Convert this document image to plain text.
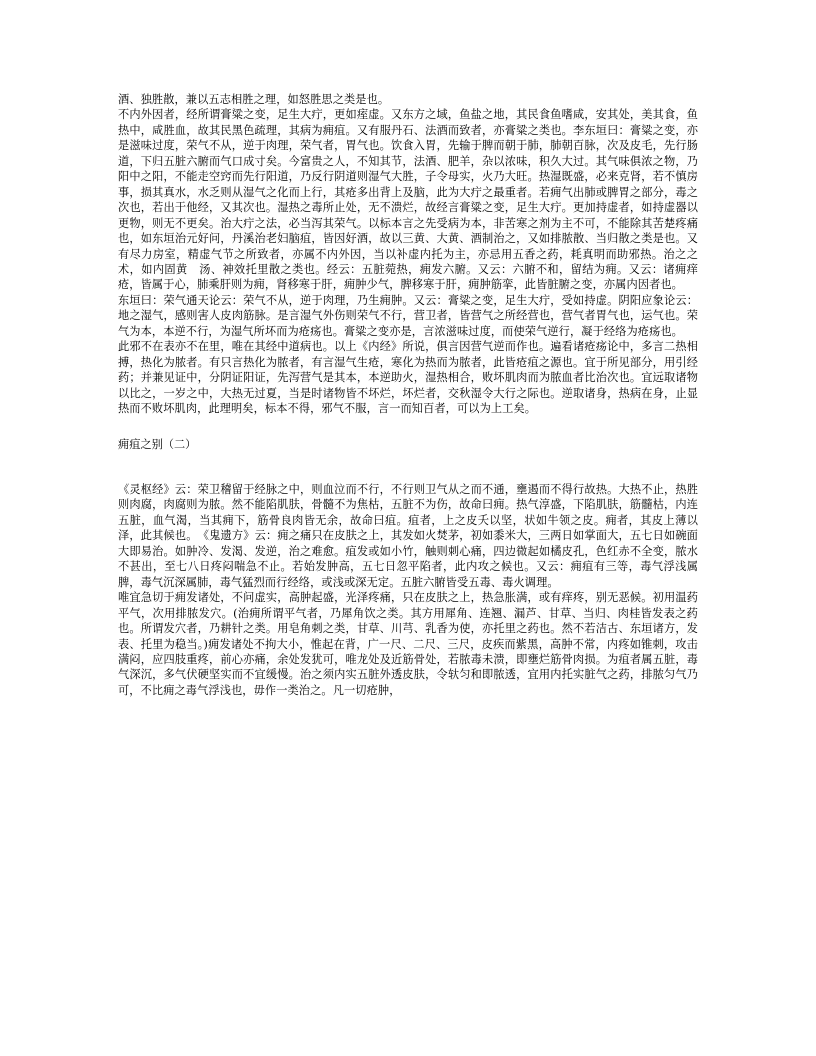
酒、独胜散，兼以五志相胜之理，如怒胜思之类是也。

不内外因者，经所谓膏粱之变，足生大疔，更如痓虚。又东方之域，鱼盐之地，其民食鱼嗜咸，安其处，美其食，鱼热中，咸胜血，故其民黑色疏理，其病为痈疽。又有服丹石、法酒而致者，亦膏粱之类也。李东垣曰：膏粱之变，亦是滋味过度，荣气不从，逆于肉理，荣气者，胃气也。饮食入胃，先输于脾而朝于肺，肺朝百脉，次及皮毛，先行肠道，下归五脏六腑而气口成寸矣。今富贵之人，不知其节，法酒、肥羊，杂以浓味，积久大过。其气味俱浓之物，乃阳中之阳，不能走空窍而先行阳道，乃反行阴道则湿气大胜，子令母实，火乃大旺。热湿既盛，必来克肾，若不慎房事，损其真水，水乏则从湿气之化而上行，其疮多出背上及脑，此为大疔之最重者。若痈气出肺或脾胃之部分，毒之次也，若出于他经，又其次也。湿热之毒所止处，无不溃烂，故经言膏粱之变，足生大疔。更加持虚者，如持虚器以更物，则无不更矣。治大疔之法，必当泻其荣气。以标本言之先受病为本，非苦寒之剂为主不可，不能除其苦楚疼痛也，如东垣治元好问，丹溪治老妇脑疽，皆因好酒，故以三黄、大黄、酒制治之，又如排脓散、当归散之类是也。又有尽力房室，精虚气节之所致者，亦属不内外因，当以补虚内托为主，亦忌用五香之药，耗真明而助邪热。治之之术，如内固黄　汤、神效托里散之类也。经云：五脏菀热，痈发六腑。又云：六腑不和，留结为痈。又云：诸痈痒疮，皆属于心，肺乘肝则为痈，肾移寒于肝，痈肿少气，脾移寒于肝，痈肿筋挛，此皆脏腑之变，亦属内因者也。

东垣曰：荣气通天论云：荣气不从，逆于肉理，乃生痈肿。又云：膏粱之变，足生大疔，受如持虚。阴阳应象论云：地之湿气，感则害人皮肉筋脉。是言湿气外伤则荣气不行，营卫者，皆营气之所经营也，营气者胃气也，运气也。荣气为本，本逆不行，为湿气所坏而为疮疡也。膏粱之变亦是，言浓滋味过度，而使荣气逆行，凝于经络为疮疡也。

此邪不在表亦不在里，唯在其经中道病也。以上《内经》所说，俱言因营气逆而作也。遍看诸疮疡论中，多言二热相搏，热化为脓者。有只言热化为脓者，有言湿气生疮，寒化为热而为脓者，此皆疮疽之源也。宜于所见部分，用引经药；并兼见证中，分阴证阳证，先泻营气是其本，本逆助火，湿热相合，败坏肌肉而为脓血者比治次也。宜远取诸物以比之，一岁之中，大热无过夏，当是时诸物皆不坏烂，坏烂者，交秋湿令大行之际也。逆取诸身，热病在身，止显热而不败坏肌肉，此理明矣，标本不得，邪气不服，言一而知百者，可以为上工矣。

痈疽之别（二）

《灵枢经》云：荣卫稽留于经脉之中，则血泣而不行，不行则卫气从之而不通，壅遏而不得行故热。大热不止，热胜则肉腐，肉腐则为脓。然不能陷肌肤，骨髓不为焦枯，五脏不为伤，故命曰痈。热气淳盛，下陷肌肤，筋髓枯，内连五脏，血气渴，当其痈下，筋骨良肉皆无余，故命曰疽。疽者，上之皮夭以坚，状如牛领之皮。痈者，其皮上薄以泽，此其候也。　《鬼遗方》云：痈之痛只在皮肤之上，其发如火焚茅，初如黍米大，三两日如掌面大，五七日如碗面大即易治。如肿冷、发渴、发逆，治之难愈。疽发或如小竹，触则刺心痛，四边微起如橘皮孔，色红赤不全变，脓水不甚出，至七八日疼闷喘急不止。若始发肿高，五七日忽平陷者，此内攻之候也。又云：痈疽有三等，毒气浮浅属脾，毒气沉深属肺，毒气猛烈而行经络，或浅或深无定。五脏六腑皆受五毒、毒火调理。

唯宜急切于痈发诸处，不问虚实，高肿起盛，光泽疼痛，只在皮肤之上，热急胀满，或有痒疼，别无恶候。初用温药平气，次用排脓发穴。(治痈所谓平气者，乃犀角饮之类。其方用犀角、连翘、漏芦、甘草、当归、肉桂皆发表之药也。所谓发穴者，乃耕针之类。用皂角刺之类，甘草、川芎、乳香为使，亦托里之药也。然不若洁古、东垣诸方，发表、托里为稳当。)痈发诸处不拘大小，惟起在背，广一尺、二尺、三尺，皮疾而紫黑，高肿不常，内疼如锥刺，攻击满闷，应四肢重疼，前心亦痛，余处发犹可，唯龙处及近筋骨处，若脓毒未溃，即壅烂筋骨肉损。为疽者属五脏，毒气深沉，多气伏硬坚实而不宜缓慢。治之须内实五脏外透皮肤，令轪匀和即脓透，宜用内托实脏气之药，排脓匀气乃可，不比痈之毒气浮浅也，毋作一类治之。凡一切疮肿，
